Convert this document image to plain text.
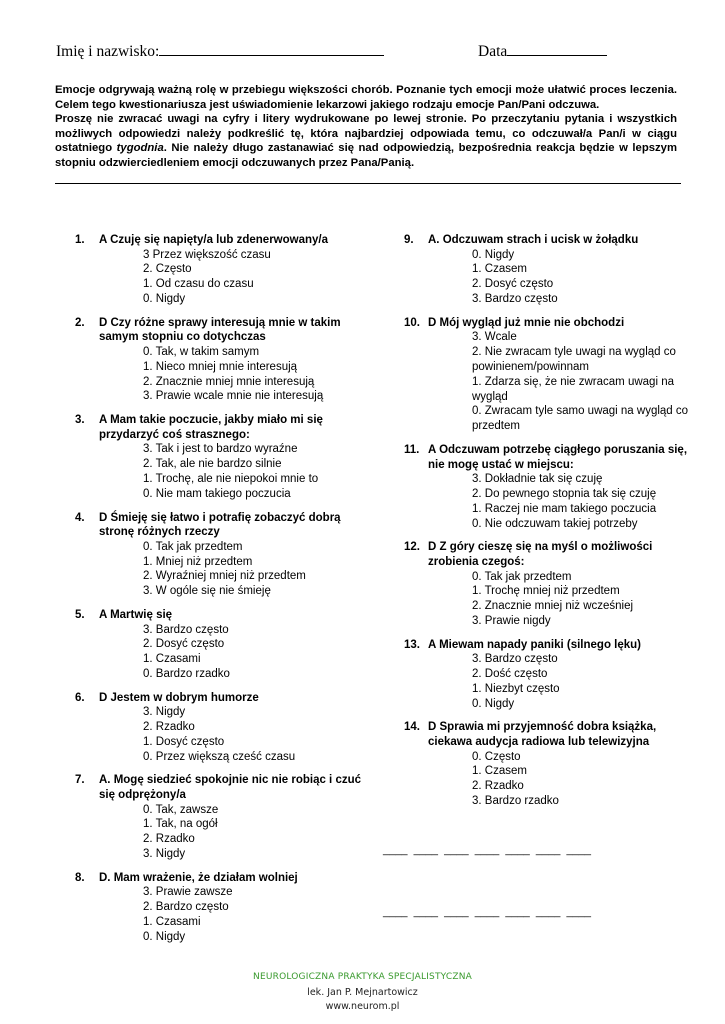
Imię i nazwisko:	Data

Emocje odgrywają ważną rolę w przebiegu większości chorób. Poznanie tych emocji może ułatwić proces leczenia. Celem tego kwestionariusza jest uświadomienie lekarzowi jakiego rodzaju emocje Pan/Pani odczuwa.

Proszę nie zwracać uwagi na cyfry i litery wydrukowane po lewej stronie. Po przeczytaniu pytania i wszystkich możliwych odpowiedzi należy podkreślić tę, która najbardziej odpowiada temu, co odczuwał/a Pan/i w ciągu ostatniego tygodnia. Nie należy długo zastanawiać się nad odpowiedzią, bezpośrednia reakcja będzie w lepszym stopniu odzwierciedleniem emocji odczuwanych przez Pana/Panią.

1. A Czuję się napięty/a lub zdenerwowany/a
3 Przez większość czasu
2. Często
1. Od czasu do czasu
0. Nigdy
2. D Czy różne sprawy interesują mnie w takim samym stopniu co dotychczas
0. Tak, w takim samym
1. Nieco mniej mnie interesują
2. Znacznie mniej mnie interesują
3. Prawie wcale mnie nie interesują
3. A Mam takie poczucie, jakby miało mi się przydarzyć coś strasznego:
3. Tak i jest to bardzo wyraźne
2. Tak, ale nie bardzo silnie
1. Trochę, ale nie niepokoi mnie to
0. Nie mam takiego poczucia
4. D Śmieję się łatwo i potrafię zobaczyć dobrą stronę różnych rzeczy
0. Tak jak przedtem
1. Mniej niż przedtem
2. Wyraźniej mniej niż przedtem
3. W ogóle się nie śmieję
5. A Martwię się
3. Bardzo często
2. Dosyć często
1. Czasami
0. Bardzo rzadko
6. D Jestem w dobrym humorze
3. Nigdy
2. Rzadko
1. Dosyć często
0. Przez większą cześć czasu
7. A. Mogę siedzieć spokojnie nic nie robiąc i czuć się odprężony/a
0. Tak, zawsze
1. Tak, na ogół
2. Rzadko
3. Nigdy
8. D. Mam wrażenie, że działam wolniej
3. Prawie zawsze
2. Bardzo często
1. Czasami
0. Nigdy
9. A. Odczuwam strach i ucisk w żołądku
0. Nigdy
1. Czasem
2. Dosyć często
3. Bardzo często
10. D Mój wygląd już mnie nie obchodzi
3. Wcale
2. Nie zwracam tyle uwagi na wygląd co powinienem/powinnam
1. Zdarza się, że nie zwracam uwagi na wygląd
0. Zwracam tyle samo uwagi na wygląd co przedtem
11. A Odczuwam potrzebę ciągłego poruszania się, nie mogę ustać w miejscu:
3. Dokładnie tak się czuję
2. Do pewnego stopnia tak się czuję
1. Raczej nie mam takiego poczucia
0. Nie odczuwam takiej potrzeby
12. D Z góry cieszę się na myśl o możliwości zrobienia czegoś:
0. Tak jak przedtem
1. Trochę mniej niż przedtem
2. Znacznie mniej niż wcześniej
3. Prawie nigdy
13. A Miewam napady paniki (silnego lęku)
3. Bardzo często
2. Dość często
1. Niezbyt często
0. Nigdy
14. D Sprawia mi przyjemność dobra książka, ciekawa audycja radiowa lub telewizyjna
0. Często
1. Czasem
2. Rzadko
3. Bardzo rzadko
____  ____  ____  ____  ____  ____  ____
____  ____  ____  ____  ____  ____  ____
NEUROLOGICZNA PRAKTYKA SPECJALISTYCZNA
lek. Jan P. Mejnartowicz
www.neurom.pl
